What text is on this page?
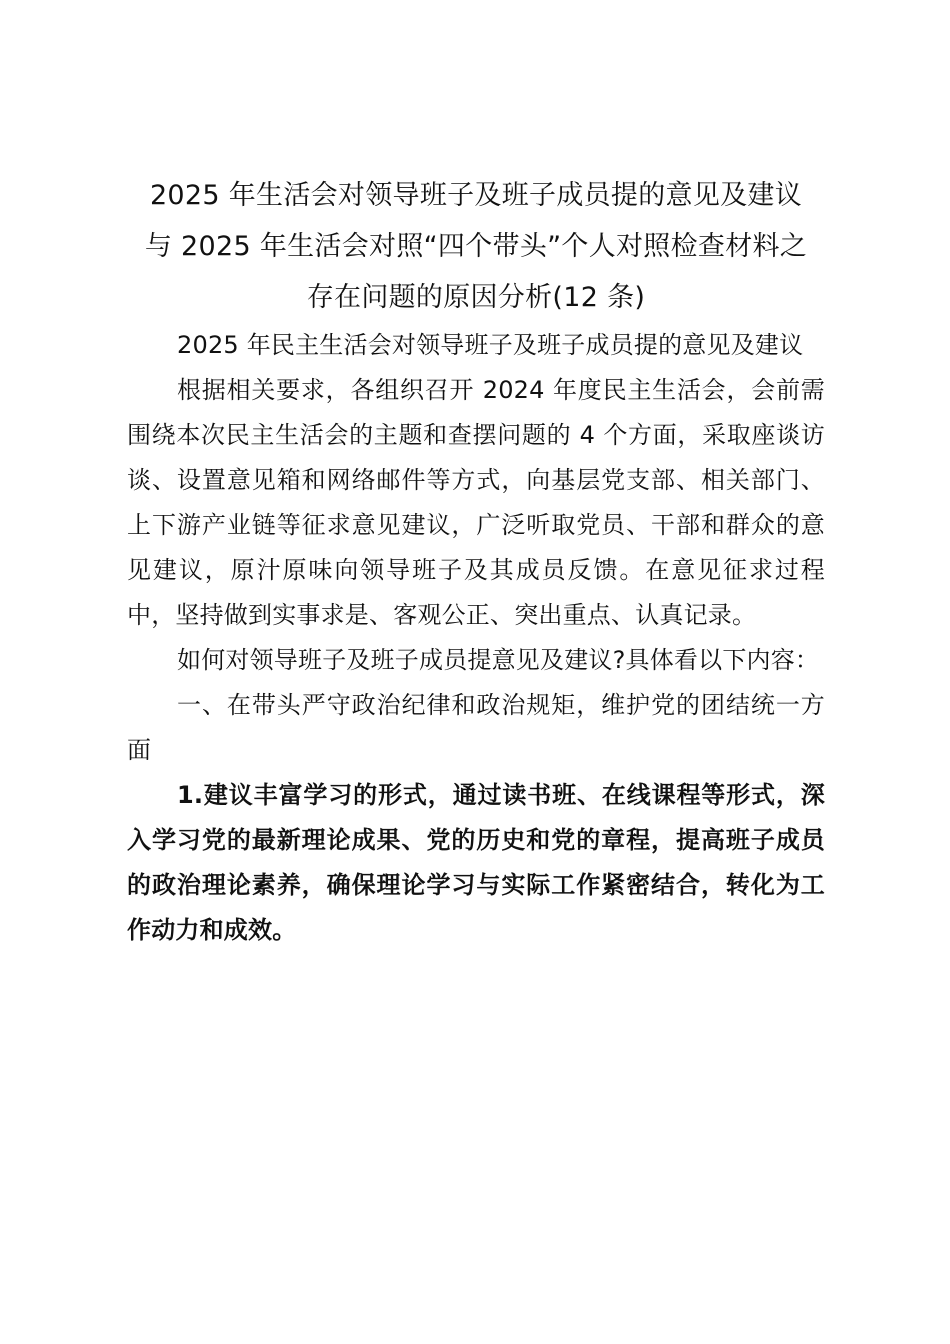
2025 年生活会对领导班子及班子成员提的意见及建议
与 2025 年生活会对照“四个带头”个人对照检查材料之
存在问题的原因分析(12 条)

2025 年民主生活会对领导班子及班子成员提的意见及建议

根据相关要求，各组织召开 2024 年度民主生活会，会前需围绕本次民主生活会的主题和查摆问题的 4 个方面，采取座谈访谈、设置意见箱和网络邮件等方式，向基层党支部、相关部门、上下游产业链等征求意见建议，广泛听取党员、干部和群众的意见建议，原汁原味向领导班子及其成员反馈。在意见征求过程中，坚持做到实事求是、客观公正、突出重点、认真记录。

如何对领导班子及班子成员提意见及建议?具体看以下内容：

一、在带头严守政治纪律和政治规矩，维护党的团结统一方面

1.建议丰富学习的形式，通过读书班、在线课程等形式，深入学习党的最新理论成果、党的历史和党的章程，提高班子成员的政治理论素养，确保理论学习与实际工作紧密结合，转化为工作动力和成效。
